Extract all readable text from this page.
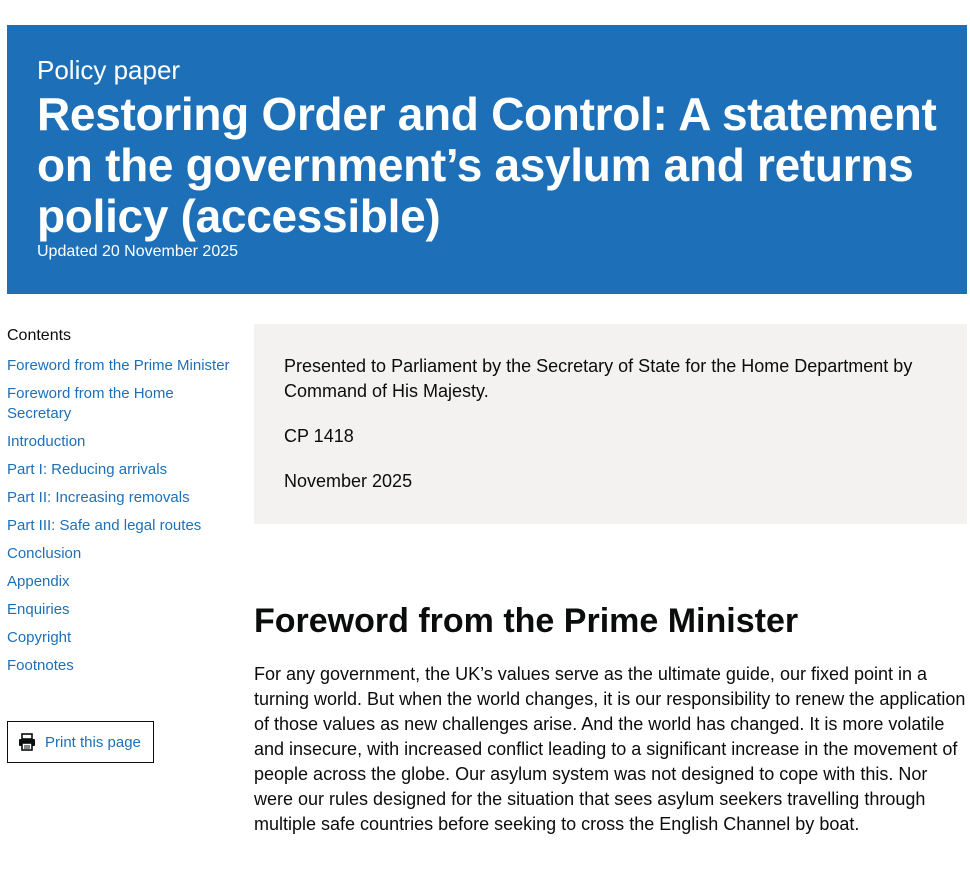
Policy paper
Restoring Order and Control: A statement on the government’s asylum and returns policy (accessible)
Updated 20 November 2025
Contents
Foreword from the Prime Minister
Foreword from the Home Secretary
Introduction
Part I: Reducing arrivals
Part II: Increasing removals
Part III: Safe and legal routes
Conclusion
Appendix
Enquiries
Copyright
Footnotes
Print this page

Presented to Parliament by the Secretary of State for the Home Department by Command of His Majesty.

CP 1418

November 2025

Foreword from the Prime Minister

For any government, the UK’s values serve as the ultimate guide, our fixed point in a turning world. But when the world changes, it is our responsibility to renew the application of those values as new challenges arise. And the world has changed. It is more volatile and insecure, with increased conflict leading to a significant increase in the movement of people across the globe. Our asylum system was not designed to cope with this. Nor were our rules designed for the situation that sees asylum seekers travelling through multiple safe countries before seeking to cross the English Channel by boat.
